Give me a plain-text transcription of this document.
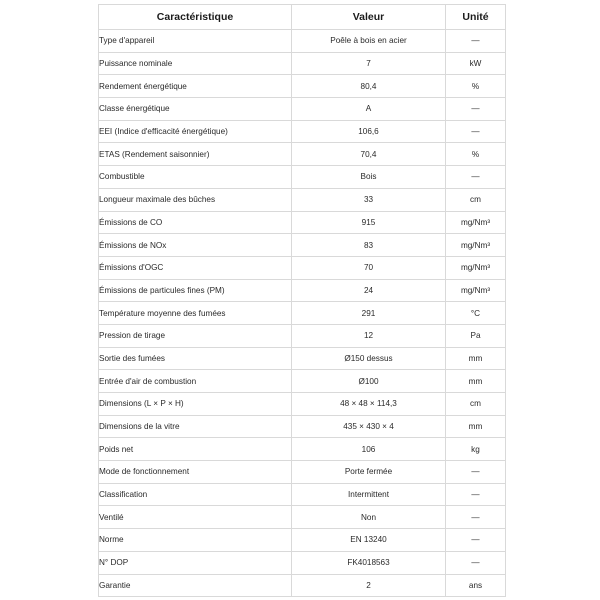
Caractéristique	Valeur	Unité
Type d'appareil	Poêle à bois en acier	—
Puissance nominale	7	kW
Rendement énergétique	80,4	%
Classe énergétique	A	—
EEI (Indice d'efficacité énergétique)	106,6	—
ETAS (Rendement saisonnier)	70,4	%
Combustible	Bois	—
Longueur maximale des bûches	33	cm
Émissions de CO	915	mg/Nm³
Émissions de NOx	83	mg/Nm³
Émissions d'OGC	70	mg/Nm³
Émissions de particules fines (PM)	24	mg/Nm³
Température moyenne des fumées	291	°C
Pression de tirage	12	Pa
Sortie des fumées	Ø150 dessus	mm
Entrée d'air de combustion	Ø100	mm
Dimensions (L × P × H)	48 × 48 × 114,3	cm
Dimensions de la vitre	435 × 430 × 4	mm
Poids net	106	kg
Mode de fonctionnement	Porte fermée	—
Classification	Intermittent	—
Ventilé	Non	—
Norme	EN 13240	—
N° DOP	FK4018563	—
Garantie	2	ans
